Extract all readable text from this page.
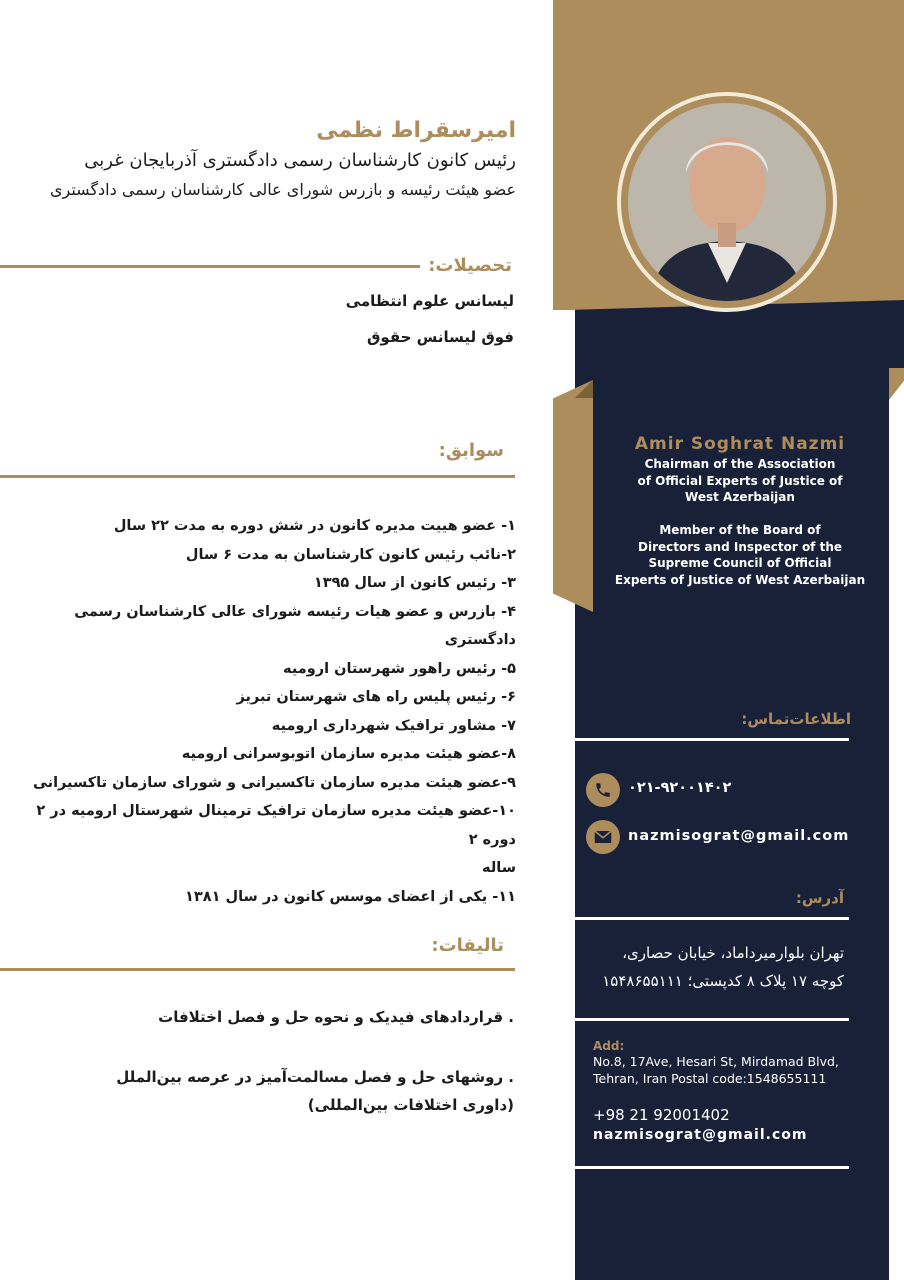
امیرسقراط نظمی
رئیس کانون کارشناسان رسمی دادگستری آذربایجان غربی
عضو هیئت رئیسه و بازرس شورای عالی کارشناسان رسمی دادگستری
تحصیلات:
لیسانس علوم انتظامی
فوق لیسانس حقوق
سوابق:
۱- عضو هییت مدیره کانون در شش دوره به مدت ۲۲ سال
۲-نائب رئیس کانون کارشناسان به مدت ۶ سال
۳- رئیس کانون از سال ۱۳۹۵
۴- بازرس و عضو هیات رئیسه شورای عالی کارشناسان رسمی دادگستری
۵- رئیس راهور شهرستان ارومیه
۶- رئیس پلیس راه های شهرستان تبریز
۷- مشاور ترافیک شهرداری ارومیه
۸-عضو هیئت مدیره سازمان اتوبوسرانی ارومیه
۹-عضو هیئت مدیره سازمان تاکسیرانی و شورای سازمان تاکسیرانی
۱۰-عضو هیئت مدیره سازمان ترافیک ترمینال شهرستال ارومیه در ۲ دوره ۲
ساله
۱۱- یکی از اعضای موسس کانون در سال ۱۳۸۱
تالیفات:
. قراردادهای فیدیک و نحوه حل و فصل اختلافات
. روشهای حل و فصل مسالمت‌آمیز در عرصه بین‌الملل
(داوری اختلافات بین‌المللی)
Amir Soghrat Nazmi
Chairman of the Association
of Official Experts of Justice of
West Azerbaijan
Member of the Board of
Directors and Inspector of the
Supreme Council of Official
Experts of Justice of West Azerbaijan
اطلاعات‌تماس:
۰۲۱-۹۲۰۰۱۴۰۲
nazmisograt@gmail.com
آدرس:
تهران بلوارمیرداماد، خیابان حصاری،
کوچه ۱۷ پلاک ۸ کدپستی؛ ۱۵۴۸۶۵۵۱۱۱
Add:
No.8, 17Ave, Hesari St, Mirdamad Blvd,
Tehran, Iran Postal code:1548655111
+98 21 92001402
nazmisograt@gmail.com
